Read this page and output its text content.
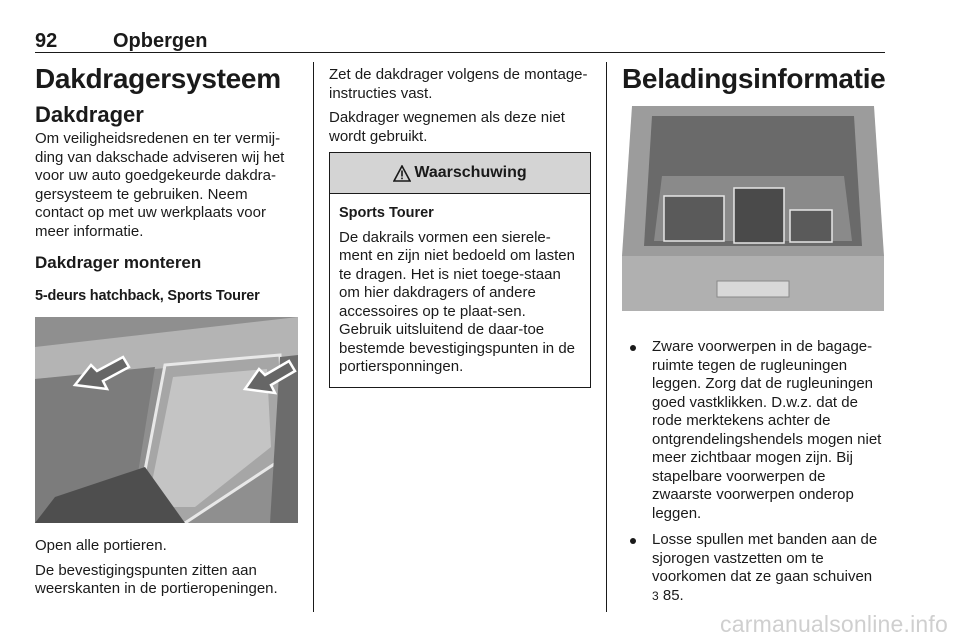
92	Opbergen
Dakdragersysteem
Dakdrager

Om veiligheidsredenen en ter vermij-ding van dakschade adviseren wij het voor uw auto goedgekeurde dakdra-gersysteem te gebruiken. Neem contact op met uw werkplaats voor meer informatie.

Dakdrager monteren
5-deurs hatchback, Sports Tourer

Open alle portieren.

De bevestigingspunten zitten aan weerskanten in de portieropeningen.

Zet de dakdrager volgens de montage-instructies vast.

Dakdrager wegnemen als deze niet wordt gebruikt.

Waarschuwing

Sports Tourer

De dakrails vormen een sierele-ment en zijn niet bedoeld om lasten te dragen. Het is niet toege-staan om hier dakdragers of andere accessoires op te plaat-sen. Gebruik uitsluitend de daar-toe bestemde bevestigingspunten in de portiersponningen.

Beladingsinformatie
Zware voorwerpen in de bagage-ruimte tegen de rugleuningen leggen. Zorg dat de rugleuningen goed vastklikken. D.w.z. dat de rode merktekens achter de ontgrendelingshendels mogen niet meer zichtbaar mogen zijn. Bij stapelbare voorwerpen de zwaarste voorwerpen onderop leggen.
Losse spullen met banden aan de sjorogen vastzetten om te voorkomen dat ze gaan schuiven
3 85.
carmanualsonline.info
